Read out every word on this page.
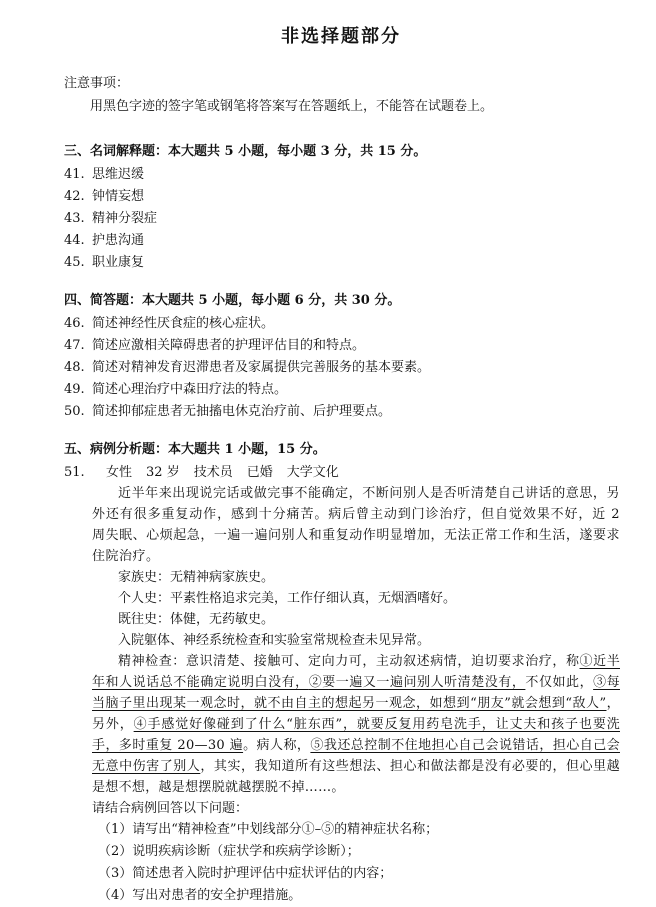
非选择题部分
注意事项：
用黑色字迹的签字笔或钢笔将答案写在答题纸上，不能答在试题卷上。
三、名词解释题：本大题共 5 小题，每小题 3 分，共 15 分。
41. 思维迟缓
42. 钟情妄想
43. 精神分裂症
44. 护患沟通
45. 职业康复
四、简答题：本大题共 5 小题，每小题 6 分，共 30 分。
46. 简述神经性厌食症的核心症状。
47. 简述应激相关障碍患者的护理评估目的和特点。
48. 简述对精神发育迟滞患者及家属提供完善服务的基本要素。
49. 简述心理治疗中森田疗法的特点。
50. 简述抑郁症患者无抽搐电休克治疗前、后护理要点。
五、病例分析题：本大题共 1 小题，15 分。
51. 女性 32 岁 技术员 已婚 大学文化
近半年来出现说完话或做完事不能确定，不断问别人是否听清楚自己讲话的意思，另外还有很多重复动作，感到十分痛苦。病后曾主动到门诊治疗，但自觉效果不好，近 2 周失眠、心烦起急，一遍一遍问别人和重复动作明显增加，无法正常工作和生活，遂要求住院治疗。
家族史：无精神病家族史。
个人史：平素性格追求完美，工作仔细认真，无烟酒嗜好。
既往史：体健，无药敏史。
入院躯体、神经系统检查和实验室常规检查未见异常。
精神检查：意识清楚、接触可、定向力可，主动叙述病情，迫切要求治疗，称①近半年和人说话总不能确定说明白没有，②要一遍又一遍问别人听清楚没有，不仅如此，③每当脑子里出现某一观念时，就不由自主的想起另一观念，如想到“朋友”就会想到“敌人”，另外，④手感觉好像碰到了什么“脏东西”，就要反复用药皂洗手，让丈夫和孩子也要洗手，多时重复 20—30 遍。病人称，⑤我还总控制不住地担心自己会说错话，担心自己会无意中伤害了别人，其实，我知道所有这些想法、担心和做法都是没有必要的，但心里越是想不想，越是想摆脱就越摆脱不掉……。
请结合病例回答以下问题：
（1）请写出“精神检查”中划线部分①–⑤的精神症状名称；
（2）说明疾病诊断（症状学和疾病学诊断）；
（3）简述患者入院时护理评估中症状评估的内容；
（4）写出对患者的安全护理措施。
